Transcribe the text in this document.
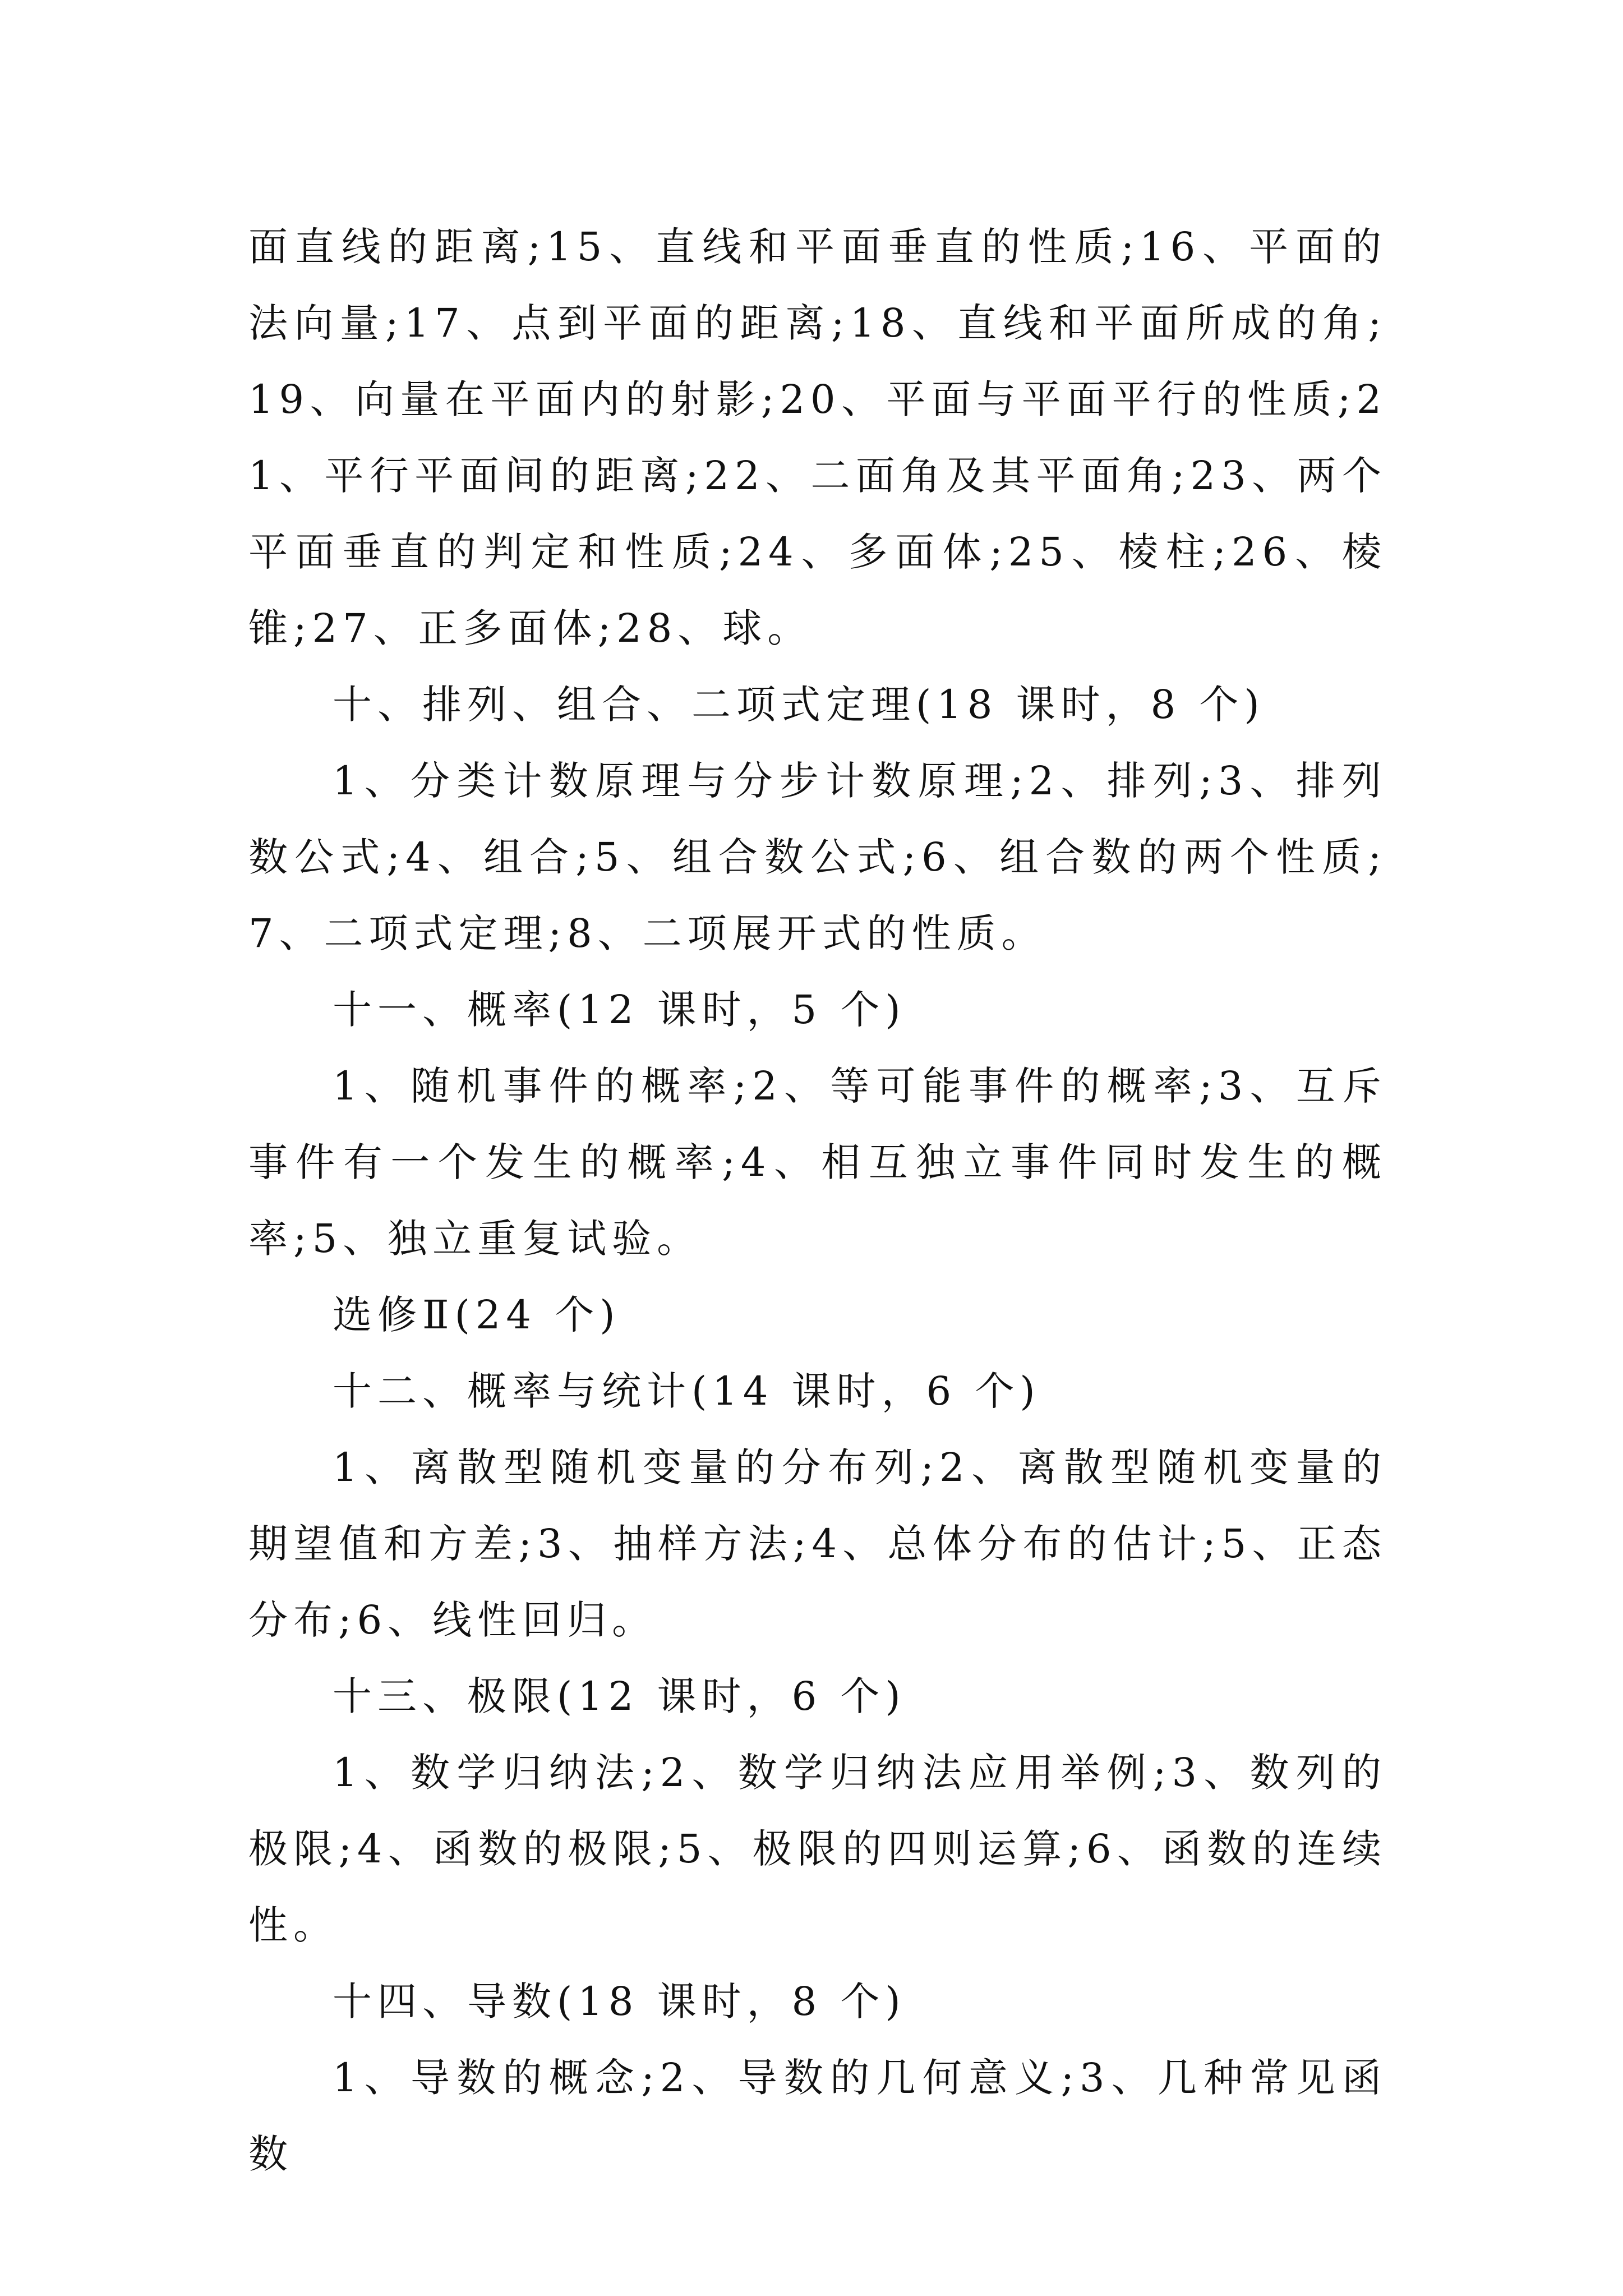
面直线的距离;15、直线和平面垂直的性质;16、平面的法向量;17、点到平面的距离;18、直线和平面所成的角;19、向量在平面内的射影;20、平面与平面平行的性质;21、平行平面间的距离;22、二面角及其平面角;23、两个平面垂直的判定和性质;24、多面体;25、棱柱;26、棱锥;27、正多面体;28、球。

十、排列、组合、二项式定理(18 课时，8 个)

1、分类计数原理与分步计数原理;2、排列;3、排列数公式;4、组合;5、组合数公式;6、组合数的两个性质;7、二项式定理;8、二项展开式的性质。

十一、概率(12 课时，5 个)

1、随机事件的概率;2、等可能事件的概率;3、互斥事件有一个发生的概率;4、相互独立事件同时发生的概率;5、独立重复试验。

选修Ⅱ(24 个)

十二、概率与统计(14 课时，6 个)

1、离散型随机变量的分布列;2、离散型随机变量的期望值和方差;3、抽样方法;4、总体分布的估计;5、正态分布;6、线性回归。

十三、极限(12 课时，6 个)

1、数学归纳法;2、数学归纳法应用举例;3、数列的极限;4、函数的极限;5、极限的四则运算;6、函数的连续性。

十四、导数(18 课时，8 个)

1、导数的概念;2、导数的几何意义;3、几种常见函数
